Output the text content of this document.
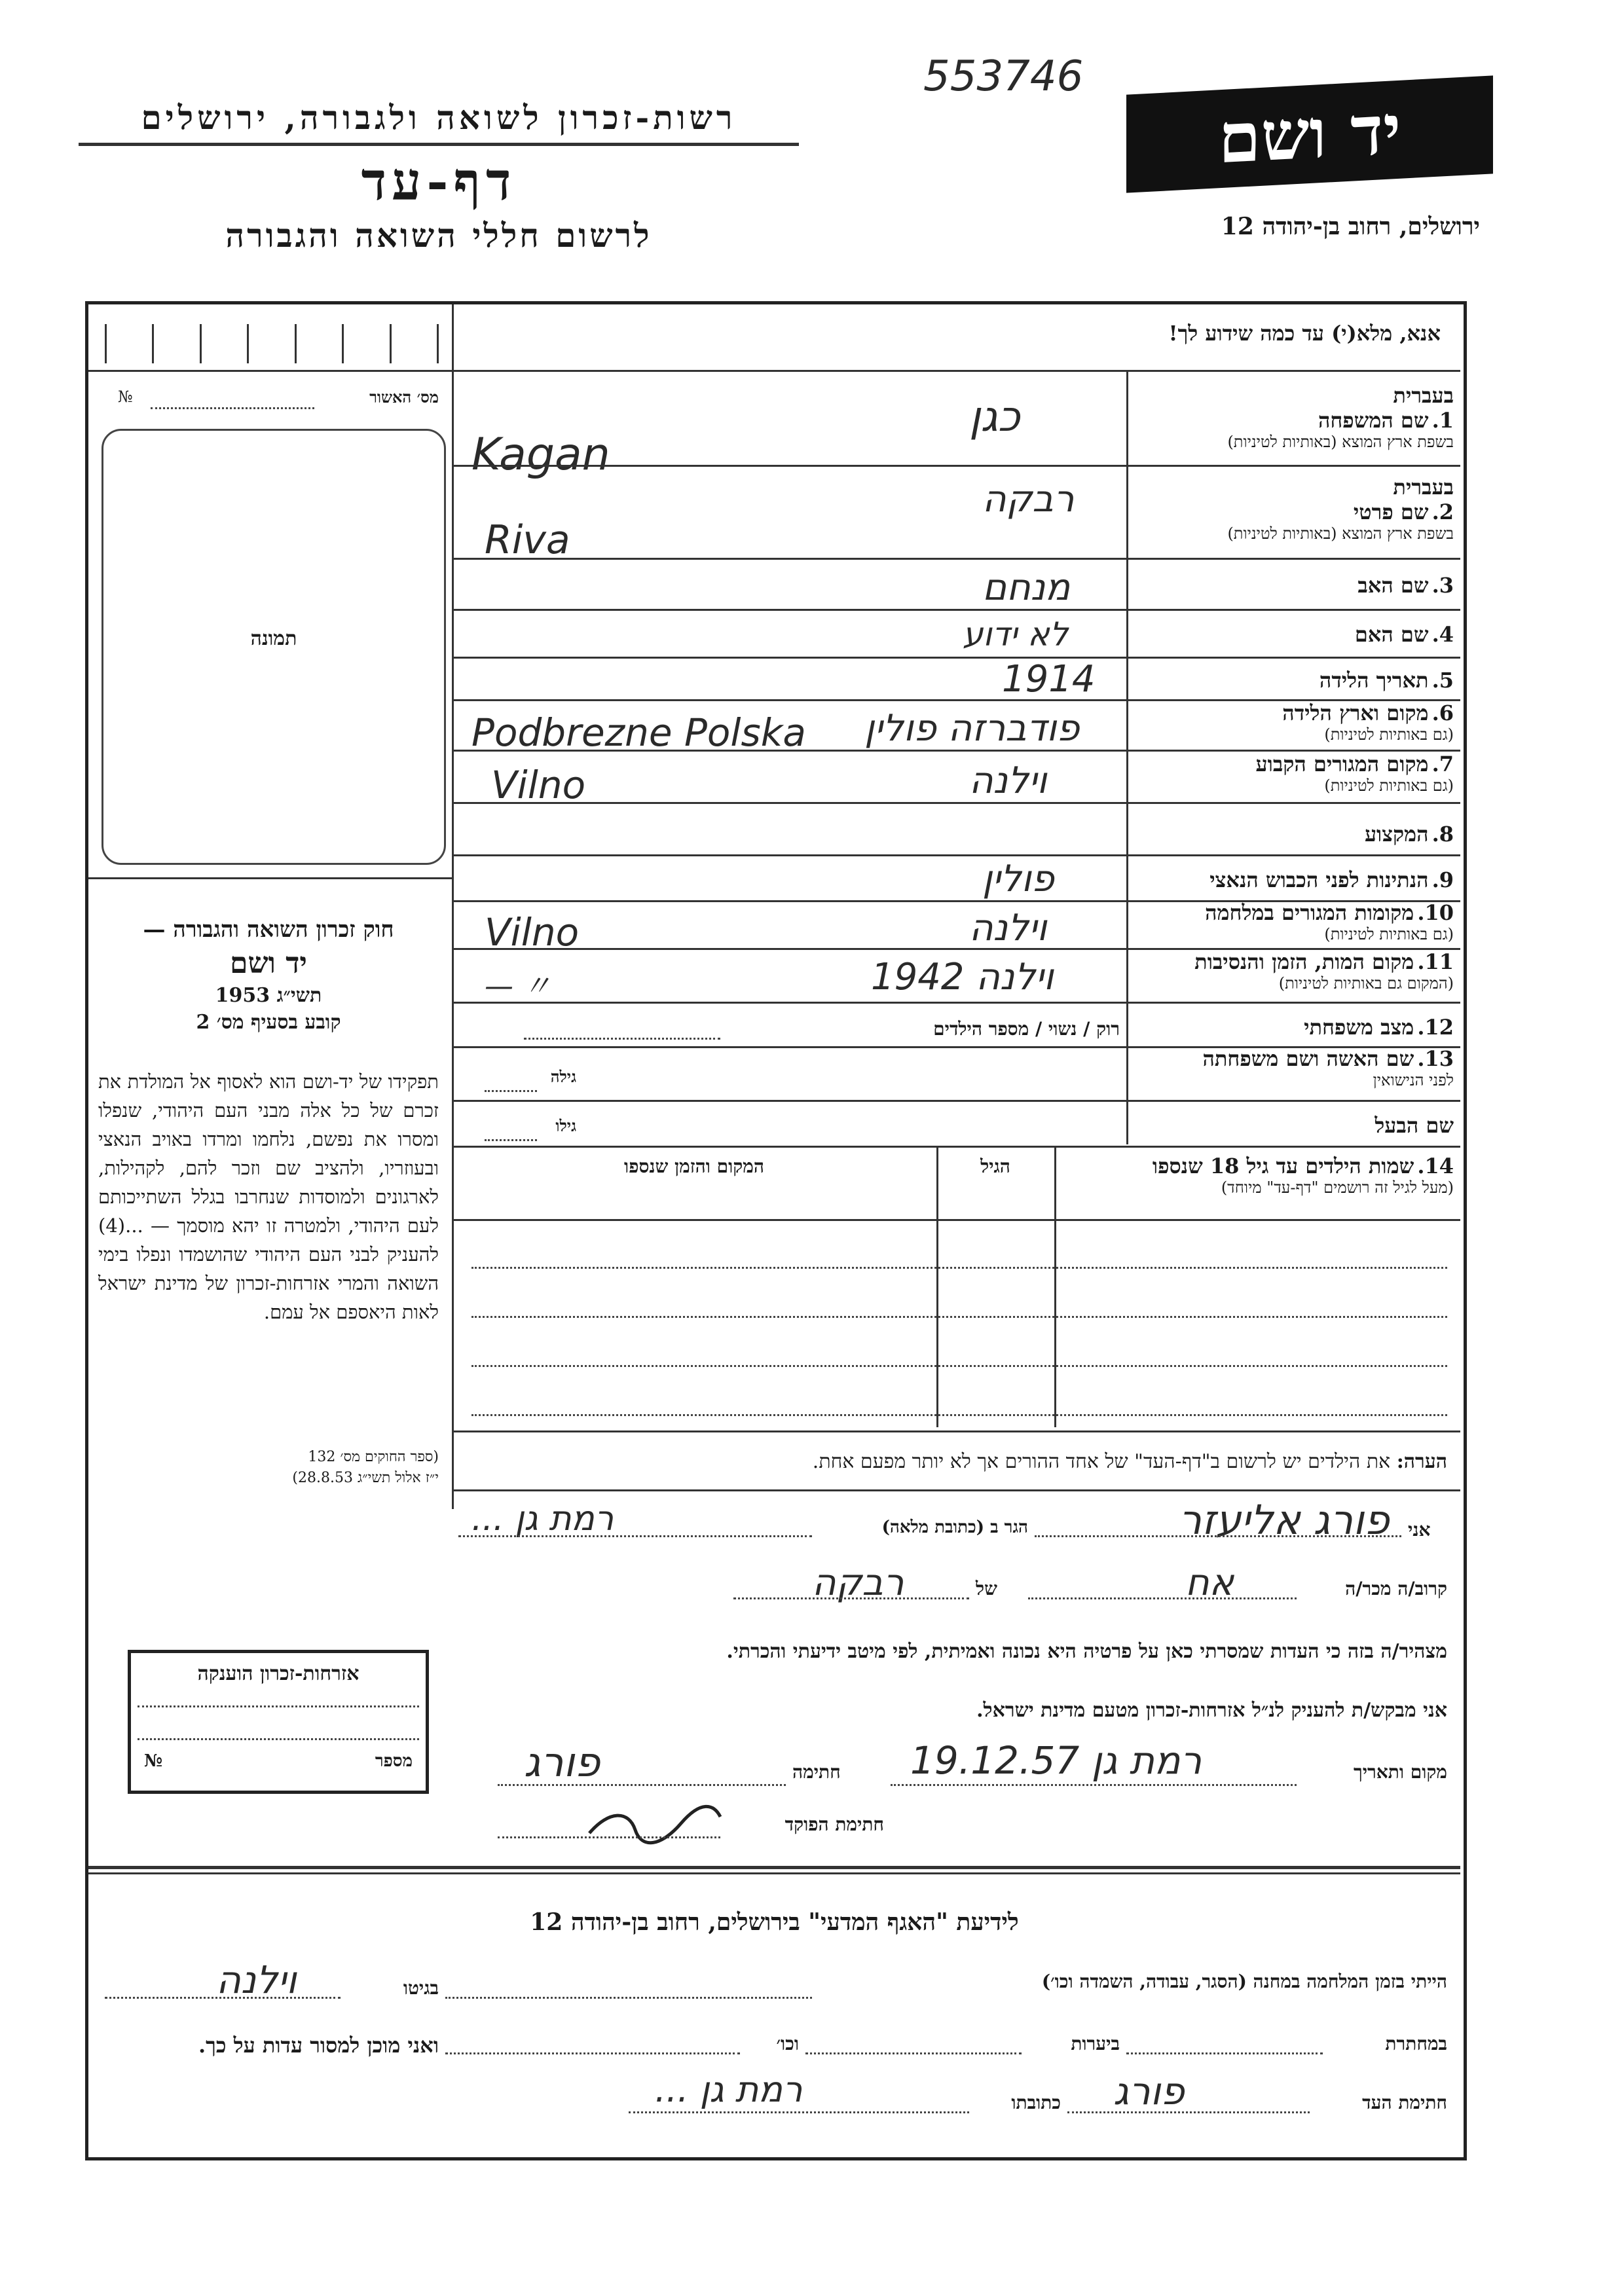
553746
רשות-זכרון לשואה ולגבורה, ירושלים
דף-עד
לרשום חללי השואה והגבורה
יד ושם
ירושלים, רחוב בן-יהודה 12
אנא, מלא(י) עד כמה שידוע לך!
מס׳ האשור
№
תמונה
בעברית
1. שם המשפחה
בשפת ארץ המוצא (באותיות לטיניות)
כגן
Kagan
בעברית
2. שם פרטי
בשפת ארץ המוצא (באותיות לטיניות)
רבקה
Riva
3. שם האב
מנחם
4. שם האם
לא ידוע
5. תאריך הלידה
1914
6. מקום וארץ הלידה
(גם באותיות לטיניות)
פודברזה פולין
Podbrezne Polska
7. מקום המגורים הקבוע
(גם באותיות לטיניות)
וילנה
Vilno
8. המקצוע
9. הנתינות לפני הכבוש הנאצי
פולין
10. מקומות המגורים במלחמה
(גם באותיות לטיניות)
וילנה
Vilno
11. מקום המות, הזמן והנסיבות
(המקום גם באותיות לטיניות)
וילנה 1942
— 〃
12. מצב משפחתי
רוק / נשוי / מספר הילדים
13. שם האשה ושם משפחתה
לפני הנישואין
גילה
שם הבעל
גילו
14. שמות הילדים עד גיל 18 שנספו
(מעל לגיל זה רושמים "דף-עד" מיוחד)
הגיל
המקום והזמן שנספו
הערה: את הילדים יש לרשום ב"דף-העד" של אחד ההורים אך לא יותר מפעם אחת.
חוק זכרון השואה והגבורה —
יד ושם
תשי״ג 1953
קובע בסעיף מס׳ 2
תפקידו של יד-ושם הוא לאסוף אל המולדת את זכרם של כל אלה מבני העם היהודי, שנפלו ומסרו את נפשם, נלחמו ומרדו באויב הנאצי ובעוזריו, ולהציב שם וזכר להם, לקהילות, לארגונים ולמוסדות שנחרבו בגלל השתייכותם לעם היהודי, ולמטרה זו יהא מוסמך — ...(4) להעניק לבני העם היהודי שהושמדו ונפלו בימי השואה והמרי אזרחות-זכרון של מדינת ישראל לאות היאספם אל עמם.
(ספר החוקים מס׳ 132
י״ז אלול תשי״ג 28.8.53)
אני
פורג אליעזר
הגר ב (כתובת מלאה)
רמת גן ...
קרוב/ה מכר/ה
אח
של
רבקה
מצהיר/ה בזה כי העדות שמסרתי כאן על פרטיה היא נכונה ואמיתית, לפי מיטב ידיעתי והכרתי.
אני מבקש/ת להעניק לנ״ל אזרחות-זכרון מטעם מדינת ישראל.
מקום ותאריך
רמת גן 19.12.57
חתימה
פורג
חתימת הפוקד
אזרחות-זכרון הוענקה
№	מספר
לידיעת "האגף המדעי" בירושלים, רחוב בן-יהודה 12
הייתי בזמן המלחמה במחנה (הסגר, עבודה, השמדה וכו׳)
בגיטו
וילנה
במחתרת
ביערות
וכו׳
ואני מוכן למסור עדות על כך.
חתימת העד
פורג
כתובתו
רמת גן ...
